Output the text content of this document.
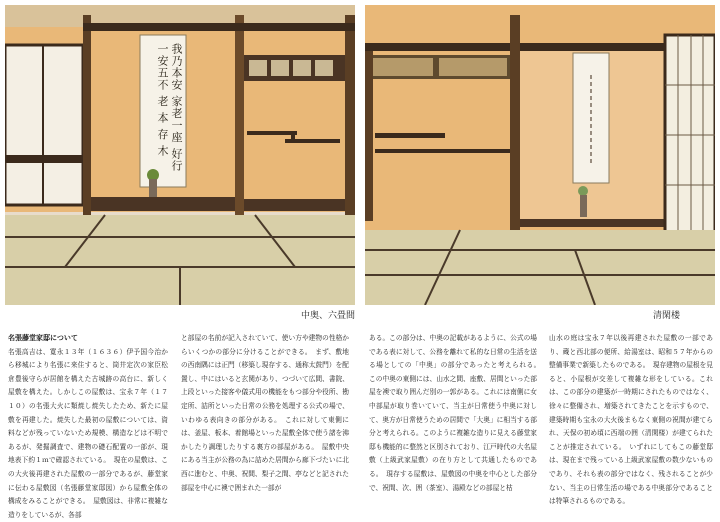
我乃本安 家老一座 好行一安五不 老 本 存 木
中奥、六畳間	清閑楼

名張藤堂家邸について

名張高吉は、寛永１３年（１６３６）伊予国今治から移城により名張に来住すると、筒井定次の家臣松倉豊後守らが居館を構えた古城跡の高台に、新しく屋敷を構えた。しかしこの屋敷は、宝永７年（１７１０）の名張大火に類焼し焼失したため、新たに屋敷を再建した。焼失した最初の屋敷については、資料などが残っていないため規模、構造などは不明であるが、発掘調査で、建物の礎石配置の一部が、現地表下約１ｍで確認されている。　現在の屋敷は、この大火後再建された屋敷の一部分であるが、藤堂家に伝わる屋敷図（名張藤堂家邸図）から屋敷全体の構成をみることができる。　屋敷図は、非常に複雑な造りをしているが、各部

と部屋の名前が記入されていて、使い方や建物の性格からいくつかの部分に分けることができる。　まず、敷地の西南隅には正門（移築し現存する、通称太鼓門）を配置し、中にはいると玄関があり、つづいて広間、書院、上段といった接客や儀式用の機能をもつ部分や役所、勘定所、詰所といった日常の公務を処理する公式の場で、いわゆる表向きの部分がある。　これに対して東側には、釜屋、板本、着館場といった屋敷全体で使う諸を沸かしたり調理したりする裏方の部屋がある。　屋敷中央にある当主が公務の為に詰めた居間から廊下づたいに北西に進むと、中奥、祝間、梨子之間、亭などと記された部屋を中心に襖で囲まれた一部が

ある。この部分は、中奥の記載があるように、公式の場である表に対して、公務を離れて私的な日常の生活を送る場としての「中奥」の部分であったと考えられる。　この中奥の東側には、山水之間、座敷、居間といった部屋を襖で取り囲んだ別の一郭がある。これには南側に女中部屋が取り巻いていて、当主が日常使う中奥に対して、奥方が日常使うための居間で「大奥」に相当する部分と考えられる。このように複雑な造りに見える藤堂家邸も機能的に整然と区別されており、江戸時代の大名屋敷（上級武家屋敷）の在り方として共通したものである。　現存する屋敷は、屋敷図の中奥を中心とした部分で、祝間、次、囲（茶室）、湯殿などの部屋と枯

山水の庭は宝永７年以後再建された屋敷の一部であり、蔵と西北部の便所、給湯室は、昭和５７年からの整備事業で新築したものである。　現存建物の屋根を見ると、小屋根が交差して複雑な形をしている。これは、この部分の建築が一時期にされたものではなく、徐々に整備され、増築されてきたことを示すもので、建築時期も宝永の大火後まもなく東側の祝間が建てられ、天保の初め頃に西端の囲（清閑楼）が建てられたことが推定されている。　いずれにしてもこの藤堂邸は、現在まで残っている上級武家屋敷の数少ないものであり、それも表の部分ではなく、残されることが少ない、当主の日常生活の場である中奥部分であることは特筆されるものである。
